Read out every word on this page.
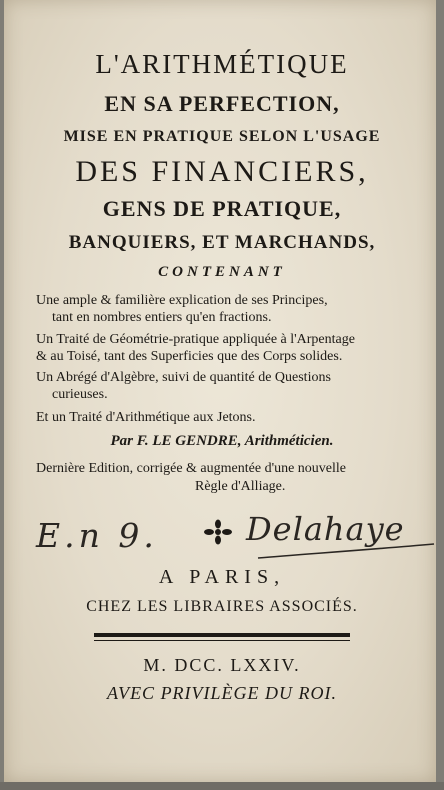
L'ARITHMÉTIQUE
EN SA PERFECTION,
MISE EN PRATIQUE SELON L'USAGE
DES FINANCIERS,
GENS DE PRATIQUE,
BANQUIERS, ET MARCHANDS,
CONTENANT
Une ample & familière explication de ses Principes,
tant en nombres entiers qu'en fractions.
Un Traité de Géométrie-pratique appliquée à l'Arpentage
& au Toisé, tant des Superficies que des Corps solides.
Un Abrégé d'Algèbre, suivi de quantité de Questions
curieuses.
Et un Traité d'Arithmétique aux Jetons.
Par F. LE GENDRE, Arithméticien.
Dernière Edition, corrigée & augmentée d'une nouvelle
Règle d'Alliage.
E.n 9.	Delahaye
A PARIS,
CHEZ LES LIBRAIRES ASSOCIÉS.
M. DCC. LXXIV.
AVEC PRIVILÈGE DU ROI.
